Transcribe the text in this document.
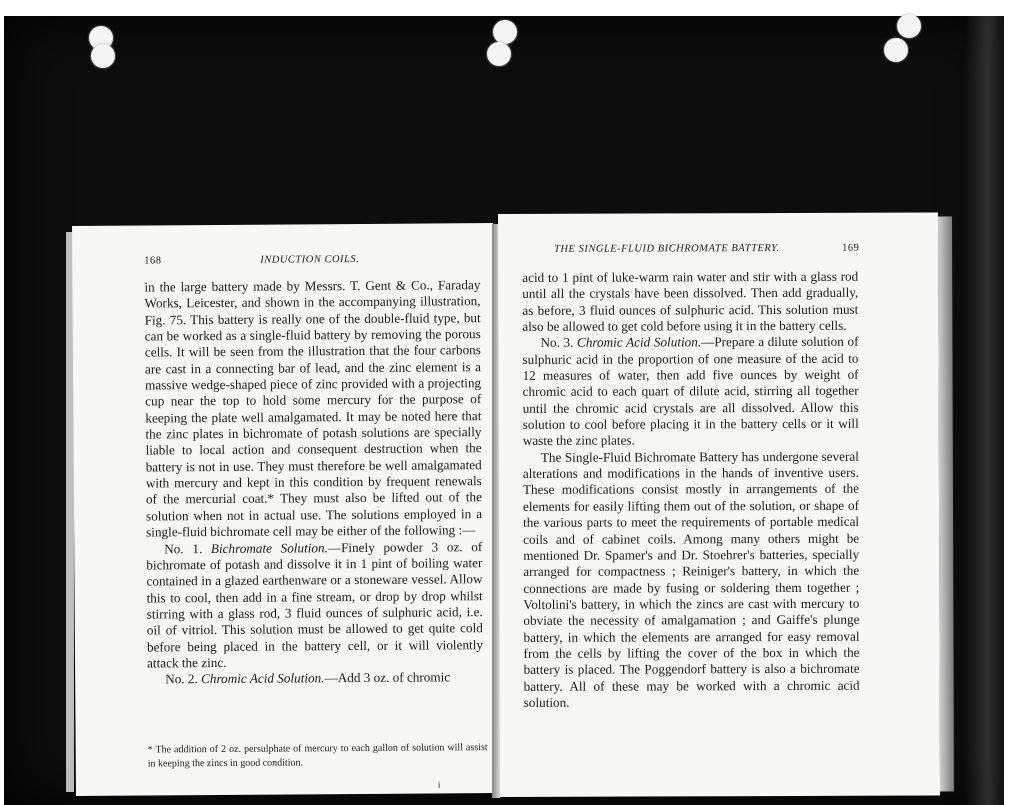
168	INDUCTION COILS.

in the large battery made by Messrs. T. Gent & Co., Faraday Works, Leicester, and shown in the accompanying illustration, Fig. 75. This battery is really one of the double-fluid type, but can be worked as a single-fluid battery by removing the porous cells. It will be seen from the illustration that the four carbons are cast in a connecting bar of lead, and the zinc element is a massive wedge-shaped piece of zinc provided with a projecting cup near the top to hold some mercury for the purpose of keeping the plate well amalgamated. It may be noted here that the zinc plates in bichromate of potash solutions are specially liable to local action and consequent destruction when the battery is not in use. They must therefore be well amalgamated with mercury and kept in this condition by frequent renewals of the mercurial coat.* They must also be lifted out of the solution when not in actual use. The solutions employed in a single-fluid bichromate cell may be either of the following :—

No. 1. Bichromate Solution.—Finely powder 3 oz. of bichromate of potash and dissolve it in 1 pint of boiling water contained in a glazed earthenware or a stoneware vessel. Allow this to cool, then add in a fine stream, or drop by drop whilst stirring with a glass rod, 3 fluid ounces of sulphuric acid, i.e. oil of vitriol. This solution must be allowed to get quite cold before being placed in the battery cell, or it will violently attack the zinc.

No. 2. Chromic Acid Solution.—Add 3 oz. of chromic

* The addition of 2 oz. persulphate of mercury to each gallon of solution will assist in keeping the zincs in good condition.
i
THE SINGLE-FLUID BICHROMATE BATTERY.	169

acid to 1 pint of luke-warm rain water and stir with a glass rod until all the crystals have been dissolved. Then add gradually, as before, 3 fluid ounces of sulphuric acid. This solution must also be allowed to get cold before using it in the battery cells.

No. 3. Chromic Acid Solution.—Prepare a dilute solution of sulphuric acid in the proportion of one measure of the acid to 12 measures of water, then add five ounces by weight of chromic acid to each quart of dilute acid, stirring all together until the chromic acid crystals are all dissolved. Allow this solution to cool before placing it in the battery cells or it will waste the zinc plates.

The Single-Fluid Bichromate Battery has undergone several alterations and modifications in the hands of inventive users. These modifications consist mostly in arrangements of the elements for easily lifting them out of the solution, or shape of the various parts to meet the requirements of portable medical coils and of cabinet coils. Among many others might be mentioned Dr. Spamer's and Dr. Stoehrer's batteries, specially arranged for compactness ; Reiniger's battery, in which the connections are made by fusing or soldering them together ; Voltolini's battery, in which the zincs are cast with mercury to obviate the necessity of amalgamation ; and Gaiffe's plunge battery, in which the elements are arranged for easy removal from the cells by lifting the cover of the box in which the battery is placed. The Poggendorf battery is also a bichromate battery. All of these may be worked with a chromic acid solution.
